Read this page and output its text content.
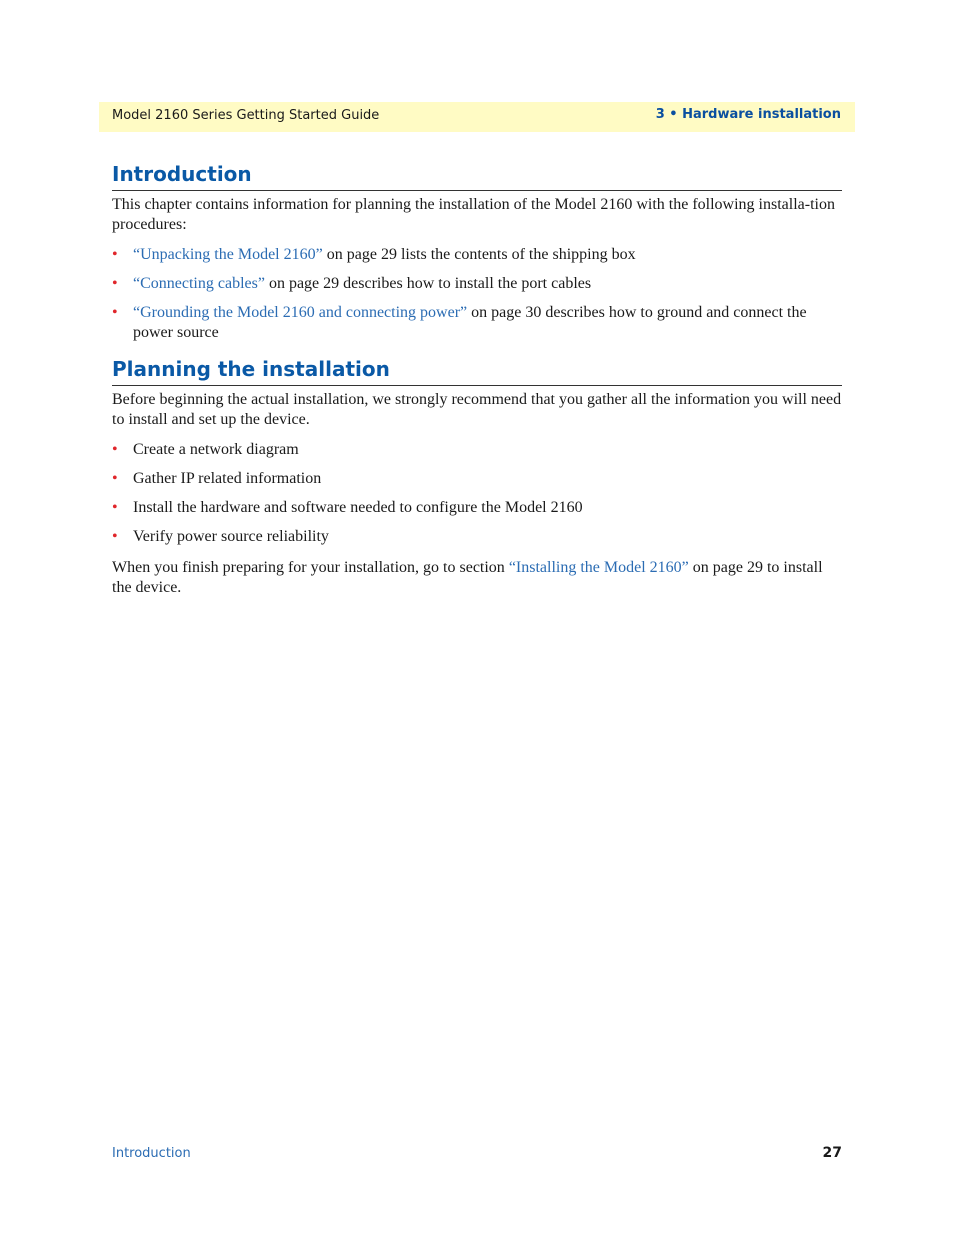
Model 2160 Series Getting Started Guide	3 • Hardware installation
Introduction

This chapter contains information for planning the installation of the Model 2160 with the following installa-tion procedures:

• “Unpacking the Model 2160” on page 29 lists the contents of the shipping box
• “Connecting cables” on page 29 describes how to install the port cables
• “Grounding the Model 2160 and connecting power” on page 30 describes how to ground and connect the power source
Planning the installation

Before beginning the actual installation, we strongly recommend that you gather all the information you will need to install and set up the device.

• Create a network diagram
• Gather IP related information
• Install the hardware and software needed to configure the Model 2160
• Verify power source reliability

When you finish preparing for your installation, go to section “Installing the Model 2160” on page 29 to install the device.

Introduction	27
